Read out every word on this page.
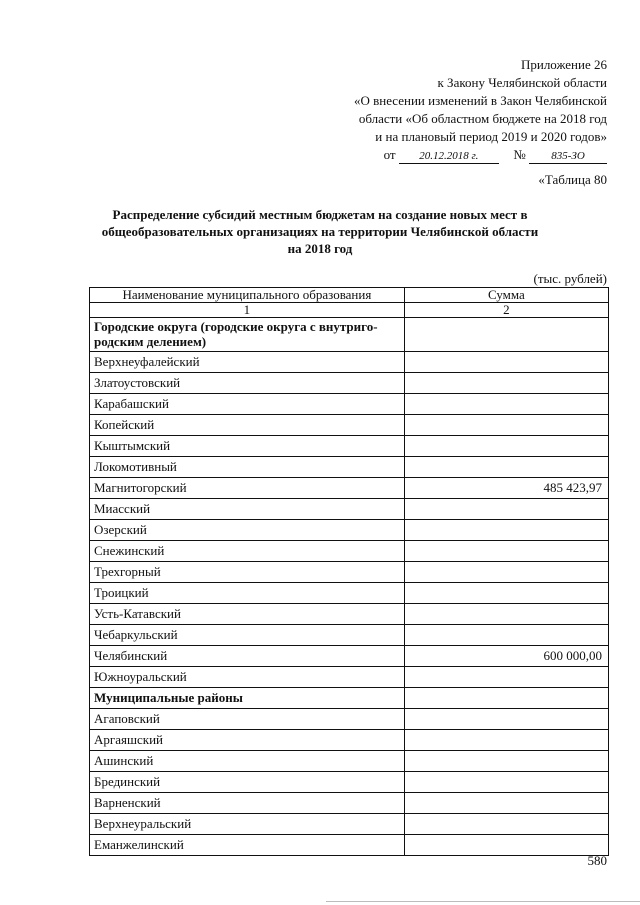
Приложение 26
к Закону Челябинской области
«О внесении изменений в Закон Челябинской
области «Об областном бюджете на 2018 год
и на плановый период 2019 и 2020 годов»
от 20.12.2018 г.	№ 835-ЗО
«Таблица 80
Распределение субсидий местным бюджетам на создание новых мест в
общеобразовательных организациях на территории Челябинской области
на 2018 год
(тыс. рублей)
Наименование муниципального образования	Сумма
1	2

Городские округа (городские округа с внутриго-
родским делением)	

Верхнеуфалейский	
Златоустовский	
Карабашский	
Копейский	
Кыштымский	
Локомотивный	
Магнитогорский	485 423,97
Миасский	
Озерский	
Снежинский	
Трехгорный	
Троицкий	
Усть-Катавский	
Чебаркульский	
Челябинский	600 000,00
Южноуральский	
Муниципальные районы	
Агаповский	
Аргаяшский	
Ашинский	
Брединский	
Варненский	
Верхнеуральский	
Еманжелинский	
580
